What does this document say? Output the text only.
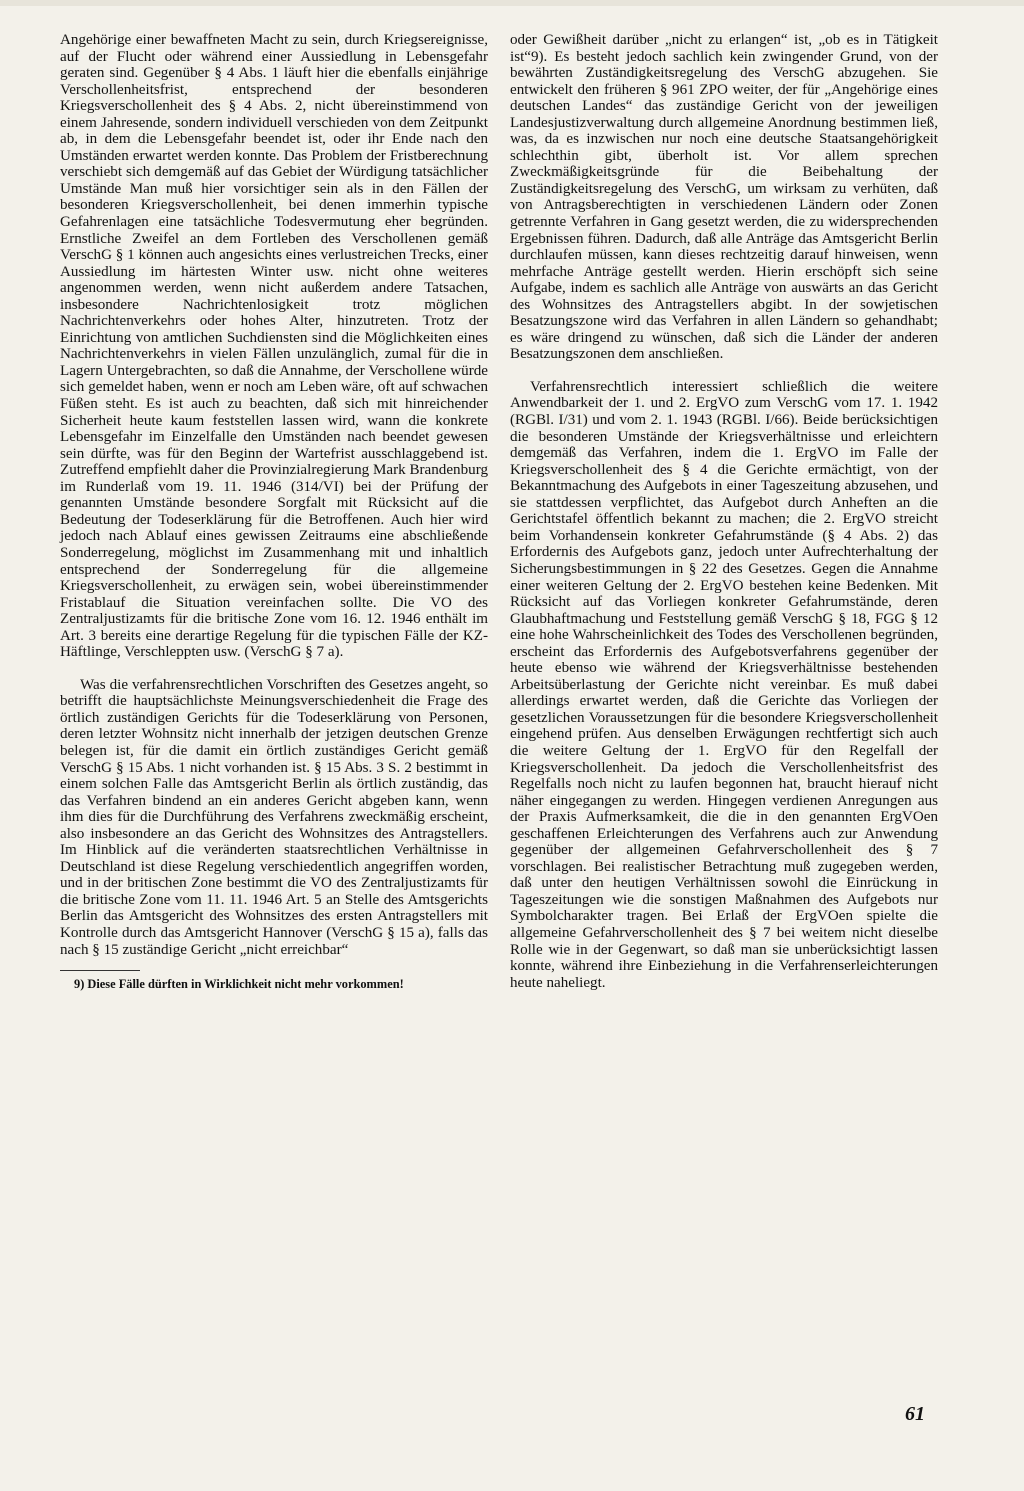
Angehörige einer bewaffneten Macht zu sein, durch Kriegsereignisse, auf der Flucht oder während einer Aussiedlung in Lebensgefahr geraten sind. Gegenüber § 4 Abs. 1 läuft hier die ebenfalls einjährige Verschollenheitsfrist, entsprechend der besonderen Kriegsverschollenheit des § 4 Abs. 2, nicht übereinstimmend von einem Jahresende, sondern individuell verschieden von dem Zeitpunkt ab, in dem die Lebensgefahr beendet ist, oder ihr Ende nach den Umständen erwartet werden konnte. Das Problem der Fristberechnung verschiebt sich demgemäß auf das Gebiet der Würdigung tatsächlicher Umstände Man muß hier vorsichtiger sein als in den Fällen der besonderen Kriegsverschollenheit, bei denen immerhin typische Gefahrenlagen eine tatsächliche Todesvermutung eher begründen. Ernstliche Zweifel an dem Fortleben des Verschollenen gemäß VerschG § 1 können auch angesichts eines verlustreichen Trecks, einer Aussiedlung im härtesten Winter usw. nicht ohne weiteres angenommen werden, wenn nicht außerdem andere Tatsachen, insbesondere Nachrichtenlosigkeit trotz möglichen Nachrichtenverkehrs oder hohes Alter, hinzutreten. Trotz der Einrichtung von amtlichen Suchdiensten sind die Möglichkeiten eines Nachrichtenverkehrs in vielen Fällen unzulänglich, zumal für die in Lagern Untergebrachten, so daß die Annahme, der Verschollene würde sich gemeldet haben, wenn er noch am Leben wäre, oft auf schwachen Füßen steht. Es ist auch zu beachten, daß sich mit hinreichender Sicherheit heute kaum feststellen lassen wird, wann die konkrete Lebensgefahr im Einzelfalle den Umständen nach beendet gewesen sein dürfte, was für den Beginn der Wartefrist ausschlaggebend ist. Zutreffend empfiehlt daher die Provinzialregierung Mark Brandenburg im Runderlaß vom 19. 11. 1946 (314/VI) bei der Prüfung der genannten Umstände besondere Sorgfalt mit Rücksicht auf die Bedeutung der Todeserklärung für die Betroffenen. Auch hier wird jedoch nach Ablauf eines gewissen Zeitraums eine abschließende Sonderregelung, möglichst im Zusammenhang mit und inhaltlich entsprechend der Sonderregelung für die allgemeine Kriegsverschollenheit, zu erwägen sein, wobei übereinstimmender Fristablauf die Situation vereinfachen sollte. Die VO des Zentraljustizamts für die britische Zone vom 16. 12. 1946 enthält im Art. 3 bereits eine derartige Regelung für die typischen Fälle der KZ-Häftlinge, Verschleppten usw. (VerschG § 7 a).

Was die verfahrensrechtlichen Vorschriften des Gesetzes angeht, so betrifft die hauptsächlichste Meinungsverschiedenheit die Frage des örtlich zuständigen Gerichts für die Todeserklärung von Personen, deren letzter Wohnsitz nicht innerhalb der jetzigen deutschen Grenze belegen ist, für die damit ein örtlich zuständiges Gericht gemäß VerschG § 15 Abs. 1 nicht vorhanden ist. § 15 Abs. 3 S. 2 bestimmt in einem solchen Falle das Amtsgericht Berlin als örtlich zuständig, das das Verfahren bindend an ein anderes Gericht abgeben kann, wenn ihm dies für die Durchführung des Verfahrens zweckmäßig erscheint, also insbesondere an das Gericht des Wohnsitzes des Antragstellers. Im Hinblick auf die veränderten staatsrechtlichen Verhältnisse in Deutschland ist diese Regelung verschiedentlich angegriffen worden, und in der britischen Zone bestimmt die VO des Zentraljustizamts für die britische Zone vom 11. 11. 1946 Art. 5 an Stelle des Amtsgerichts Berlin das Amtsgericht des Wohnsitzes des ersten Antragstellers mit Kontrolle durch das Amtsgericht Hannover (VerschG § 15 a), falls das nach § 15 zuständige Gericht „nicht erreichbar“

9) Diese Fälle dürften in Wirklichkeit nicht mehr vorkommen!

oder Gewißheit darüber „nicht zu erlangen“ ist, „ob es in Tätigkeit ist“9). Es besteht jedoch sachlich kein zwingender Grund, von der bewährten Zuständigkeitsregelung des VerschG abzugehen. Sie entwickelt den früheren § 961 ZPO weiter, der für „Angehörige eines deutschen Landes“ das zuständige Gericht von der jeweiligen Landesjustizverwaltung durch allgemeine Anordnung bestimmen ließ, was, da es inzwischen nur noch eine deutsche Staatsangehörigkeit schlechthin gibt, überholt ist. Vor allem sprechen Zweckmäßigkeitsgründe für die Beibehaltung der Zuständigkeitsregelung des VerschG, um wirksam zu verhüten, daß von Antragsberechtigten in verschiedenen Ländern oder Zonen getrennte Verfahren in Gang gesetzt werden, die zu widersprechenden Ergebnissen führen. Dadurch, daß alle Anträge das Amtsgericht Berlin durchlaufen müssen, kann dieses rechtzeitig darauf hinweisen, wenn mehrfache Anträge gestellt werden. Hierin erschöpft sich seine Aufgabe, indem es sachlich alle Anträge von auswärts an das Gericht des Wohnsitzes des Antragstellers abgibt. In der sowjetischen Besatzungszone wird das Verfahren in allen Ländern so gehandhabt; es wäre dringend zu wünschen, daß sich die Länder der anderen Besatzungszonen dem anschließen.

Verfahrensrechtlich interessiert schließlich die weitere Anwendbarkeit der 1. und 2. ErgVO zum VerschG vom 17. 1. 1942 (RGBl. I/31) und vom 2. 1. 1943 (RGBl. I/66). Beide berücksichtigen die besonderen Umstände der Kriegsverhältnisse und erleichtern demgemäß das Verfahren, indem die 1. ErgVO im Falle der Kriegsverschollenheit des § 4 die Gerichte ermächtigt, von der Bekanntmachung des Aufgebots in einer Tageszeitung abzusehen, und sie stattdessen verpflichtet, das Aufgebot durch Anheften an die Gerichtstafel öffentlich bekannt zu machen; die 2. ErgVO streicht beim Vorhandensein konkreter Gefahrumstände (§ 4 Abs. 2) das Erfordernis des Aufgebots ganz, jedoch unter Aufrechterhaltung der Sicherungsbestimmungen in § 22 des Gesetzes. Gegen die Annahme einer weiteren Geltung der 2. ErgVO bestehen keine Bedenken. Mit Rücksicht auf das Vorliegen konkreter Gefahrumstände, deren Glaubhaftmachung und Feststellung gemäß VerschG § 18, FGG § 12 eine hohe Wahrscheinlichkeit des Todes des Verschollenen begründen, erscheint das Erfordernis des Aufgebotsverfahrens gegenüber der heute ebenso wie während der Kriegsverhältnisse bestehenden Arbeitsüberlastung der Gerichte nicht vereinbar. Es muß dabei allerdings erwartet werden, daß die Gerichte das Vorliegen der gesetzlichen Voraussetzungen für die besondere Kriegsverschollenheit eingehend prüfen. Aus denselben Erwägungen rechtfertigt sich auch die weitere Geltung der 1. ErgVO für den Regelfall der Kriegsverschollenheit. Da jedoch die Verschollenheitsfrist des Regelfalls noch nicht zu laufen begonnen hat, braucht hierauf nicht näher eingegangen zu werden. Hingegen verdienen Anregungen aus der Praxis Aufmerksamkeit, die die in den genannten ErgVOen geschaffenen Erleichterungen des Verfahrens auch zur Anwendung gegenüber der allgemeinen Gefahrverschollenheit des § 7 vorschlagen. Bei realistischer Betrachtung muß zugegeben werden, daß unter den heutigen Verhältnissen sowohl die Einrückung in Tageszeitungen wie die sonstigen Maßnahmen des Aufgebots nur Symbolcharakter tragen. Bei Erlaß der ErgVOen spielte die allgemeine Gefahrverschollenheit des § 7 bei weitem nicht dieselbe Rolle wie in der Gegenwart, so daß man sie unberücksichtigt lassen konnte, während ihre Einbeziehung in die Verfahrenserleichterungen heute naheliegt.

61
